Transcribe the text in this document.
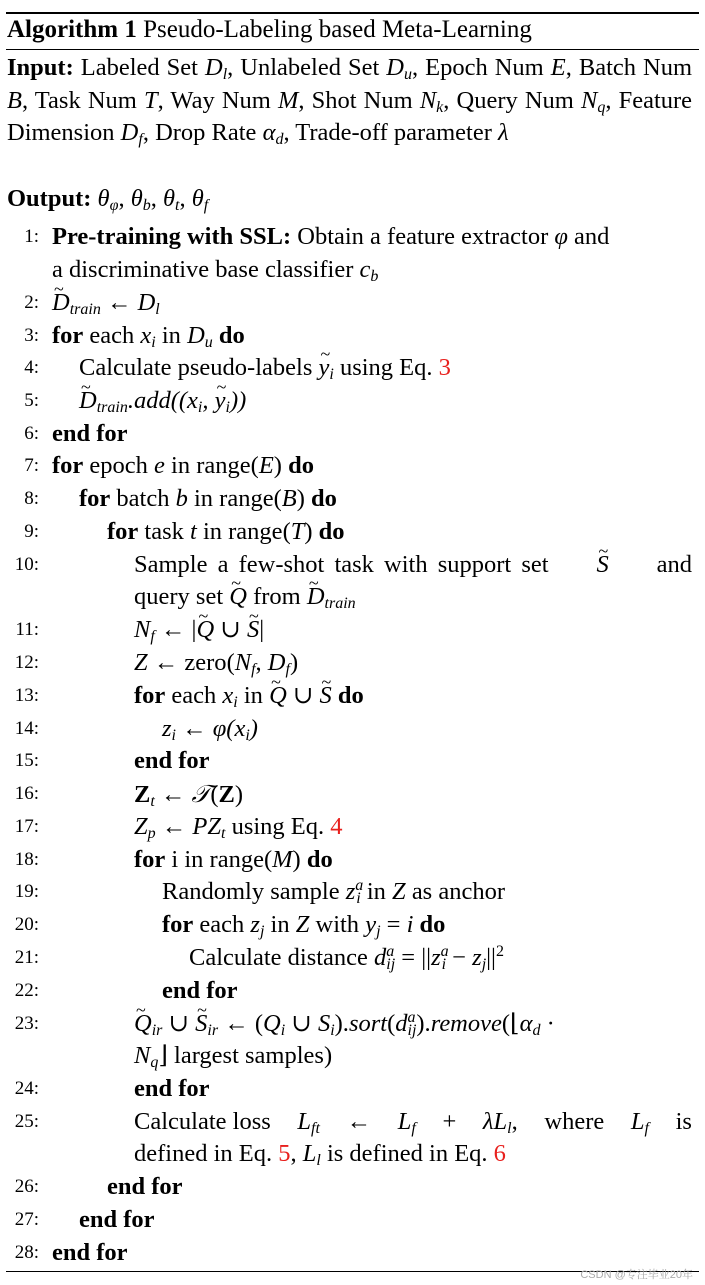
Algorithm 1 Pseudo-Labeling based Meta-Learning
Input: Labeled Set $D_l$, Unlabeled Set $D_u$, Epoch Num E, Batch Num B, Task Num T, Way Num M, Shot Num $N_k$, Query Num $N_q$, Feature Dimension $D_f$, Drop Rate $\alpha_d$, Trade-off parameter λ
Output: $\theta_\varphi$, $\theta_b$, $\theta_t$, $\theta_f$
1: Pre-training with SSL: Obtain a feature extractor φ and
a discriminative base classifier $c_b$
2: ~ $D_{train}$ ← $D_l$
3: for each $x_i$ in $D_u$ do
4: Calculate pseudo-labels ~ $y_i$ using Eq. 3
5: ~ $D_{train}.add((x_i$, ~ $y_i$))
6: end for
7: for epoch e in range(E) do
8: for batch b in range(B) do
9:	for task t in range(T) do
10:	Sample a few-shot task with support set ~ S and
query set ~ Q from ~ $D_{train}$
11:	$N_f$ ← |~ Q ∪ ~ S|
12:	Z ← $zero(N_f$, $D_f$)
13:	for each $x_i$ in ~ Q ∪ ~ S do
14:	$z_i$ ← $\varphi(x_i)$
15:	end for
16:	$Z_t$ ← 𝒯(Z)
17:	$Z_p$ ← $PZ_t$ using Eq. 4
18:	for i in range(M) do
19:	Randomly sample $z^a_i$ in Z as anchor
20:	for each $z_j$ in Z with $y_j = i$ do
21:	Calculate distance $d^a_{ij} = ||z^a_i - z_j||^2$
22:	end for
23:	~ $Q_{ir}$ ∪ ~ $S_{ir}$ ← ($Q_i$ ∪ $S_i).sort(d^a_{ij}).remove(⌊\alpha_d$ ·
$N_q⌋$ largest samples)
24:	end for
25:	Calculate loss $L_{ft}$ ← $L_f + \lambda L_l$, where $L_f$ is
defined in Eq. 5, $L_l$ is defined in Eq. 6
26:	end for
27: end for
28: end for
CSDN @专注毕业20年
